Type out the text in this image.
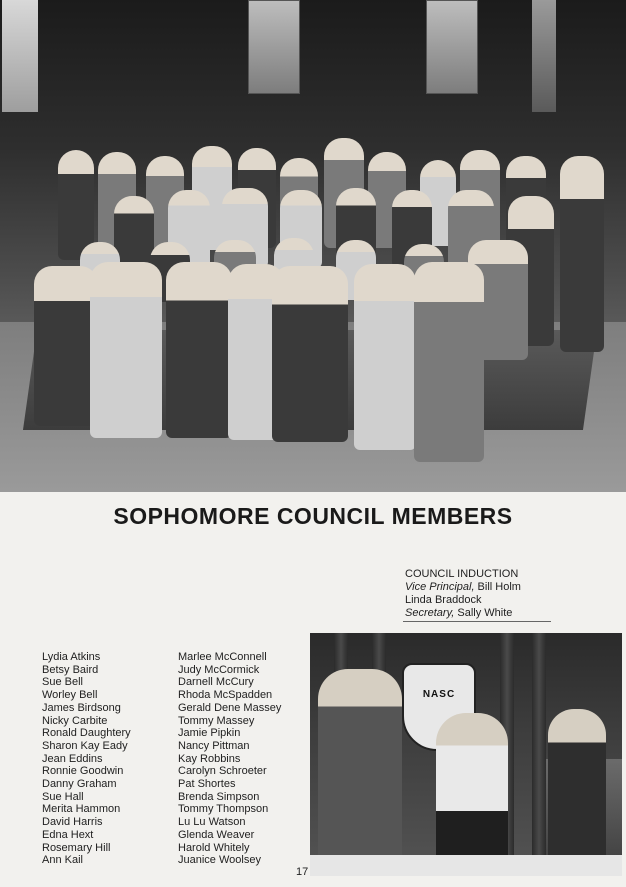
SOPHOMORE COUNCIL MEMBERS
COUNCIL INDUCTION
Vice Principal, Bill Holm
Linda Braddock
Secretary, Sally White
Lydia Atkins
Betsy Baird
Sue Bell
Worley Bell
James Birdsong
Nicky Carbite
Ronald Daughtery
Sharon Kay Eady
Jean Eddins
Ronnie Goodwin
Danny Graham
Sue Hall
Merita Hammon
David Harris
Edna Hext
Rosemary Hill
Ann Kail
Marlee McConnell
Judy McCormick
Darnell McCury
Rhoda McSpadden
Gerald Dene Massey
Tommy Massey
Jamie Pipkin
Nancy Pittman
Kay Robbins
Carolyn Schroeter
Pat Shortes
Brenda Simpson
Tommy Thompson
Lu Lu Watson
Glenda Weaver
Harold Whitely
Juanice Woolsey
NASC
17
